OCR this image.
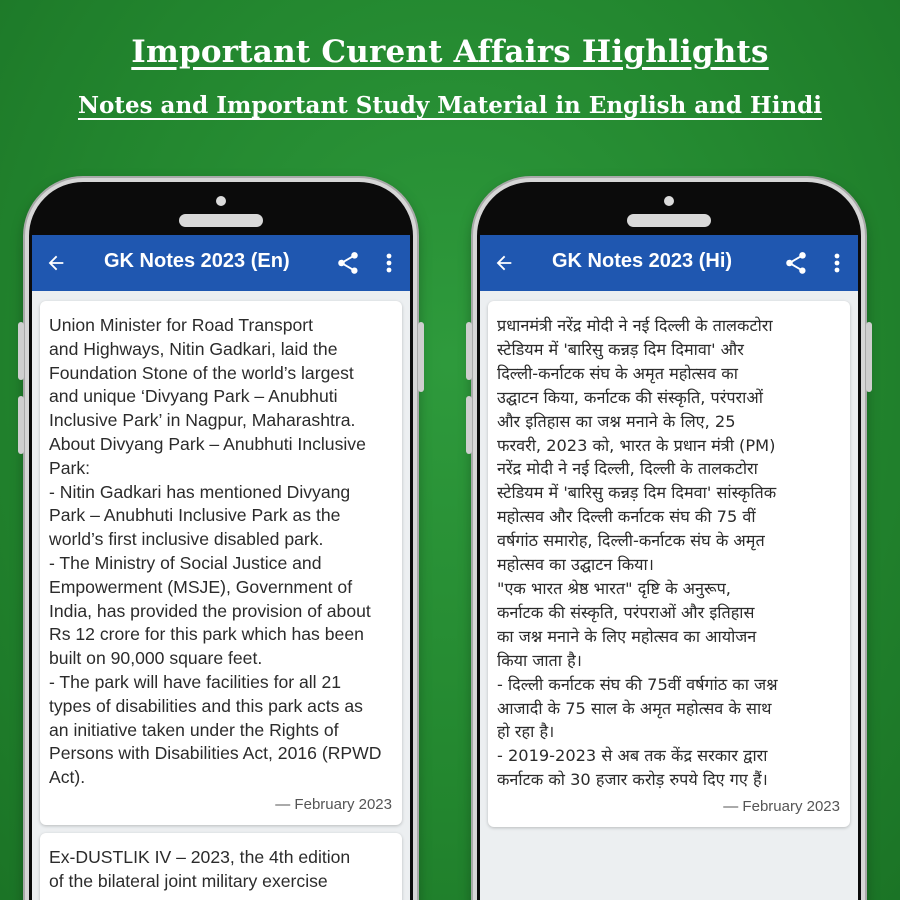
Important Curent Affairs Highlights
Notes and Important Study Material in English and Hindi
GK Notes 2023 (En)
Union Minister for Road Transport
and Highways, Nitin Gadkari, laid the
Foundation Stone of the world’s largest
and unique ‘Divyang Park – Anubhuti
Inclusive Park’ in Nagpur, Maharashtra.
About Divyang Park – Anubhuti Inclusive
Park:
- Nitin Gadkari has mentioned Divyang
Park – Anubhuti Inclusive Park as the
world’s first inclusive disabled park.
- The Ministry of Social Justice and
Empowerment (MSJE), Government of
India, has provided the provision of about
Rs 12 crore for this park which has been
built on 90,000 square feet.
- The park will have facilities for all 21
types of disabilities and this park acts as
an initiative taken under the Rights of
Persons with Disabilities Act, 2016 (RPWD
Act).
— February 2023
Ex-DUSTLIK IV – 2023, the 4th edition
of the bilateral joint military exercise
GK Notes 2023 (Hi)
प्रधानमंत्री नरेंद्र मोदी ने नई दिल्ली के तालकटोरा
स्टेडियम में 'बारिसु कन्नड़ दिम दिमावा' और
दिल्ली-कर्नाटक संघ के अमृत महोत्सव का
उद्घाटन किया, कर्नाटक की संस्कृति, परंपराओं
और इतिहास का जश्न मनाने के लिए, 25
फरवरी, 2023 को, भारत के प्रधान मंत्री (PM)
नरेंद्र मोदी ने नई दिल्ली, दिल्ली के तालकटोरा
स्टेडियम में 'बारिसु कन्नड़ दिम दिमवा' सांस्कृतिक
महोत्सव और दिल्ली कर्नाटक संघ की 75 वीं
वर्षगांठ समारोह, दिल्ली-कर्नाटक संघ के अमृत
महोत्सव का उद्घाटन किया।
"एक भारत श्रेष्ठ भारत" दृष्टि के अनुरूप,
कर्नाटक की संस्कृति, परंपराओं और इतिहास
का जश्न मनाने के लिए महोत्सव का आयोजन
किया जाता है।
- दिल्ली कर्नाटक संघ की 75वीं वर्षगांठ का जश्न
आजादी के 75 साल के अमृत महोत्सव के साथ
हो रहा है।
- 2019-2023 से अब तक केंद्र सरकार द्वारा
कर्नाटक को 30 हजार करोड़ रुपये दिए गए हैं।
— February 2023
